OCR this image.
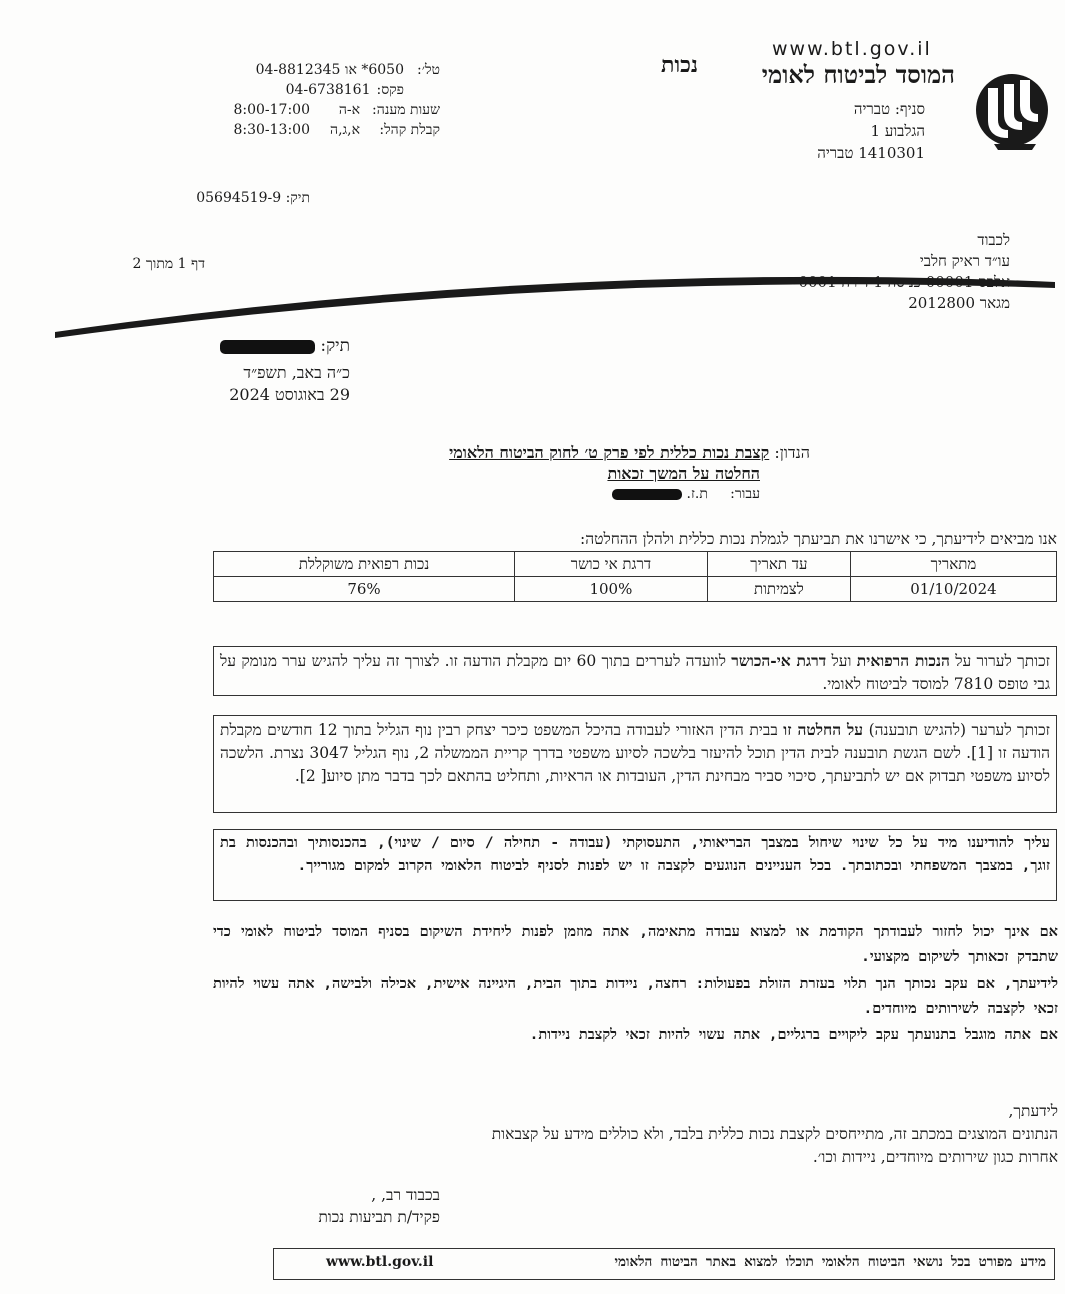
www.btl.gov.il
המוסד לביטוח לאומי
נכות
סניף: טבריה
הגלבוע 1
1410301 טבריה
טל׳:
6050* או 04-8812345
פקס:
04-6738161
שעות מענה:
א-ה
8:00-17:00
קבלת קהל:
א,ג,ה
8:30-13:00
תיק: 05694519-9
לכבוד
עו״ד ראיק חלבי
מגאר 2012800
דף 1 מתוך 2
תיק:
כ״ה באב, תשפ״ד
29 באוגוסט 2024
הנדון: קצבת נכות כללית לפי פרק ט׳ לחוק הביטוח הלאומי
החלטה על המשך זכאות
עבור:     ת.ז.
אנו מביאים לידיעתך, כי אישרנו את תביעתך לגמלת נכות כללית ולהלן ההחלטה:
מתאריך	עד תאריך	דרגת אי כושר	נכות רפואית משוקללת
01/10/2024	לצמיתות	100%	76%
זכותך לערור על הנכות הרפואית ועל דרגת אי-הכושר לוועדה לעררים בתוך 60 יום מקבלת הודעה זו. לצורך זה עליך להגיש ערר מנומק על גבי טופס 7810 למוסד לביטוח לאומי.
זכותך לערער (להגיש תובענה) על החלטה זו בבית הדין האזורי לעבודה בהיכל המשפט כיכר יצחק רבין נוף הגליל בתוך 12 חודשים מקבלת הודעה זו [1]. לשם הגשת תובענה לבית הדין תוכל להיעזר בלשכה לסיוע משפטי בדרך קריית הממשלה 2, נוף הגליל 3047 נצרת. הלשכה לסיוע משפטי תבדוק אם יש לתביעתך, סיכוי סביר מבחינת הדין, העובדות או הראיות, ותחליט בהתאם לכך בדבר מתן סיוע[ 2].
עליך להודיענו מיד על כל שינוי שיחול במצבך הבריאותי, התעסוקתי (עבודה - תחילה / סיום / שינוי), בהכנסותיך ובהכנסות בת זוגך, במצבך המשפחתי ובכתובתך. בכל העניינים הנוגעים לקצבה זו יש לפנות לסניף לביטוח הלאומי הקרוב למקום מגורייך.
אם אינך יכול לחזור לעבודתך הקודמת או למצוא עבודה מתאימה, אתה מוזמן לפנות ליחידת השיקום בסניף המוסד לביטוח לאומי כדי שתבדק זכאותך לשיקום מקצועי.
לידיעתך, אם עקב נכותך הנך תלוי בעזרת הזולת בפעולות: רחצה, ניידות בתוך הבית, היגיינה אישית, אכילה ולבישה, אתה עשוי להיות זכאי לקצבה לשירותים מיוחדים.
אם אתה מוגבל בתנועתך עקב ליקויים ברגליים, אתה עשוי להיות זכאי לקצבת ניידות.
לידעתך,
הנתונים המוצגים במכתב זה, מתייחסים לקצבת נכות כללית בלבד, ולא כוללים מידע על קצבאות
אחרות כגון שירותים מיוחדים, ניידות וכו׳.
בכבוד רב, ,
פקיד/ת תביעות נכות
מידע מפורט בכל נושאי הביטוח הלאומי תוכלו למצוא באתר הביטוח הלאומי
www.btl.gov.il
